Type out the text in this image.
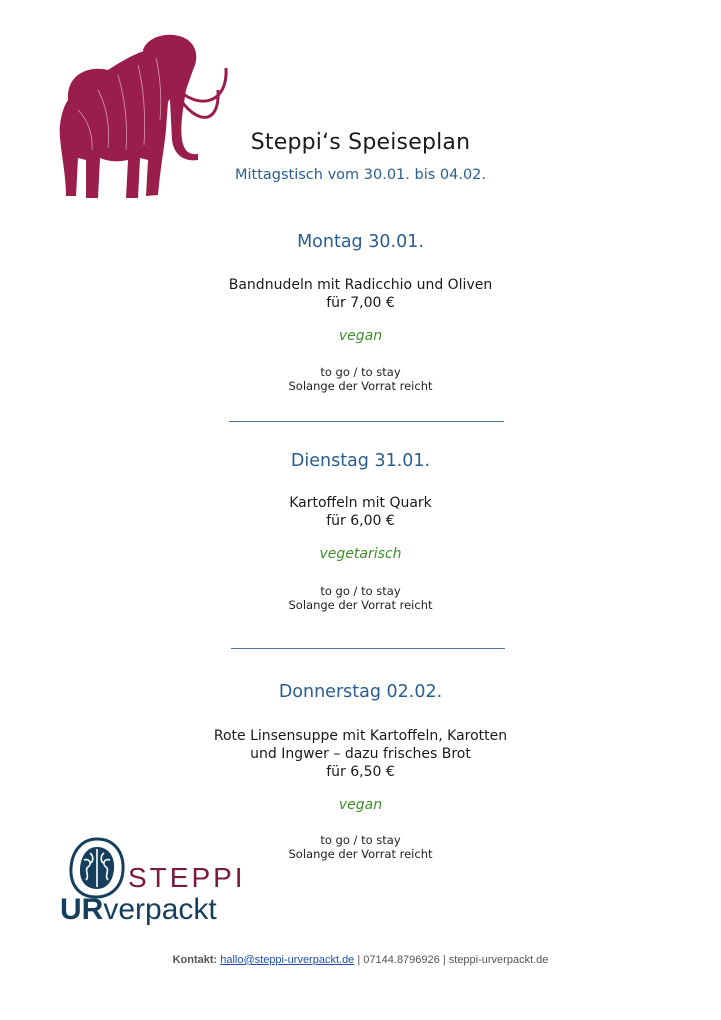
Steppi‘s Speiseplan
Mittagstisch vom 30.01. bis 04.02.
Montag 30.01.
Bandnudeln mit Radicchio und Oliven
für 7,00 €
vegan
to go / to stay
Solange der Vorrat reicht
Dienstag 31.01.
Kartoffeln mit Quark
für 6,00 €
vegetarisch
to go / to stay
Solange der Vorrat reicht
Donnerstag 02.02.
Rote Linsensuppe mit Kartoffeln, Karotten
und Ingwer – dazu frisches Brot
für 6,50 €
vegan
to go / to stay
Solange der Vorrat reicht
STEPPI
URverpackt
Kontakt: hallo@steppi-urverpackt.de | 07144.8796926 | steppi-urverpackt.de
